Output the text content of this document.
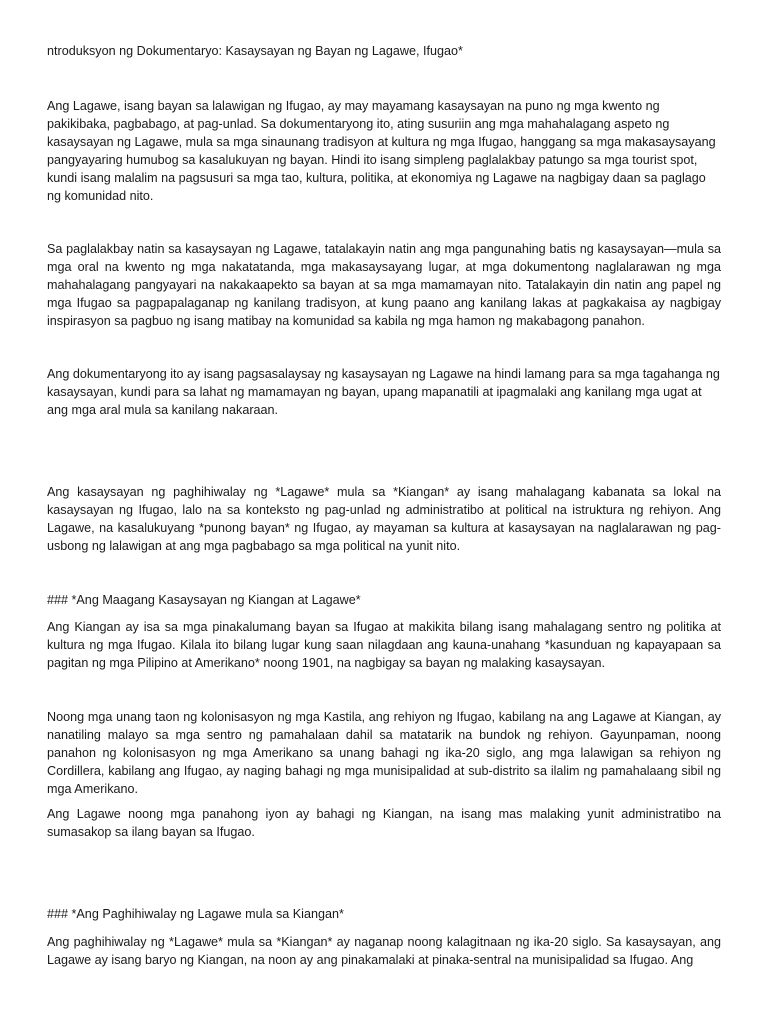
ntroduksyon ng Dokumentaryo: Kasaysayan ng Bayan ng Lagawe, Ifugao*

Ang Lagawe, isang bayan sa lalawigan ng Ifugao, ay may mayamang kasaysayan na puno ng mga kwento ng pakikibaka, pagbabago, at pag-unlad. Sa dokumentaryong ito, ating susuriin ang mga mahahalagang aspeto ng kasaysayan ng Lagawe, mula sa mga sinaunang tradisyon at kultura ng mga Ifugao, hanggang sa mga makasaysayang pangyayaring humubog sa kasalukuyan ng bayan. Hindi ito isang simpleng paglalakbay patungo sa mga tourist spot, kundi isang malalim na pagsusuri sa mga tao, kultura, politika, at ekonomiya ng Lagawe na nagbigay daan sa paglago ng komunidad nito.

Sa paglalakbay natin sa kasaysayan ng Lagawe, tatalakayin natin ang mga pangunahing batis ng kasaysayan—mula sa mga oral na kwento ng mga nakatatanda, mga makasaysayang lugar, at mga dokumentong naglalarawan ng mga mahahalagang pangyayari na nakakaapekto sa bayan at sa mga mamamayan nito. Tatalakayin din natin ang papel ng mga Ifugao sa pagpapalaganap ng kanilang tradisyon, at kung paano ang kanilang lakas at pagkakaisa ay nagbigay inspirasyon sa pagbuo ng isang matibay na komunidad sa kabila ng mga hamon ng makabagong panahon.

Ang dokumentaryong ito ay isang pagsasalaysay ng kasaysayan ng Lagawe na hindi lamang para sa mga tagahanga ng kasaysayan, kundi para sa lahat ng mamamayan ng bayan, upang mapanatili at ipagmalaki ang kanilang mga ugat at ang mga aral mula sa kanilang nakaraan.

Ang kasaysayan ng paghihiwalay ng *Lagawe* mula sa *Kiangan* ay isang mahalagang kabanata sa lokal na kasaysayan ng Ifugao, lalo na sa konteksto ng pag-unlad ng administratibo at political na istruktura ng rehiyon. Ang Lagawe, na kasalukuyang *punong bayan* ng Ifugao, ay mayaman sa kultura at kasaysayan na naglalarawan ng pag-usbong ng lalawigan at ang mga pagbabago sa mga political na yunit nito.

### *Ang Maagang Kasaysayan ng Kiangan at Lagawe*

Ang Kiangan ay isa sa mga pinakalumang bayan sa Ifugao at makikita bilang isang mahalagang sentro ng politika at kultura ng mga Ifugao. Kilala ito bilang lugar kung saan nilagdaan ang kauna-unahang *kasunduan ng kapayapaan sa pagitan ng mga Pilipino at Amerikano* noong 1901, na nagbigay sa bayan ng malaking kasaysayan.

Noong mga unang taon ng kolonisasyon ng mga Kastila, ang rehiyon ng Ifugao, kabilang na ang Lagawe at Kiangan, ay nanatiling malayo sa mga sentro ng pamahalaan dahil sa matatarik na bundok ng rehiyon. Gayunpaman, noong panahon ng kolonisasyon ng mga Amerikano sa unang bahagi ng ika-20 siglo, ang mga lalawigan sa rehiyon ng Cordillera, kabilang ang Ifugao, ay naging bahagi ng mga munisipalidad at sub-distrito sa ilalim ng pamahalaang sibil ng mga Amerikano.

Ang Lagawe noong mga panahong iyon ay bahagi ng Kiangan, na isang mas malaking yunit administratibo na sumasakop sa ilang bayan sa Ifugao.

### *Ang Paghihiwalay ng Lagawe mula sa Kiangan*

Ang paghihiwalay ng *Lagawe* mula sa *Kiangan* ay naganap noong kalagitnaan ng ika-20 siglo. Sa kasaysayan, ang Lagawe ay isang baryo ng Kiangan, na noon ay ang pinakamalaki at pinaka-sentral na munisipalidad sa Ifugao. Ang
